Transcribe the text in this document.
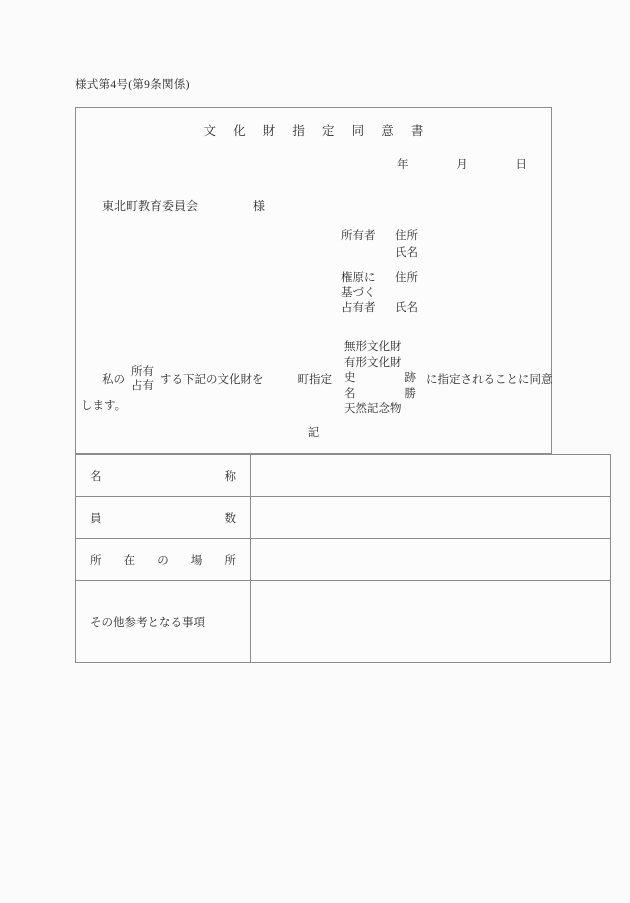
様式第4号(第9条関係)
文 化 財 指 定 同 意 書
年	月	日
東北町教育委員会	様
所有者	住所
氏名
権原に	住所
基づく
占有者	氏名
私の
所有
占有 する下記の文化財を	町指定
無形文化財
有形文化財
史	跡
名	勝
天然記念物
に指定されることに同意
します。
記
名 称	

員 数	

所 在 の 場 所	

その他参考となる事項	
